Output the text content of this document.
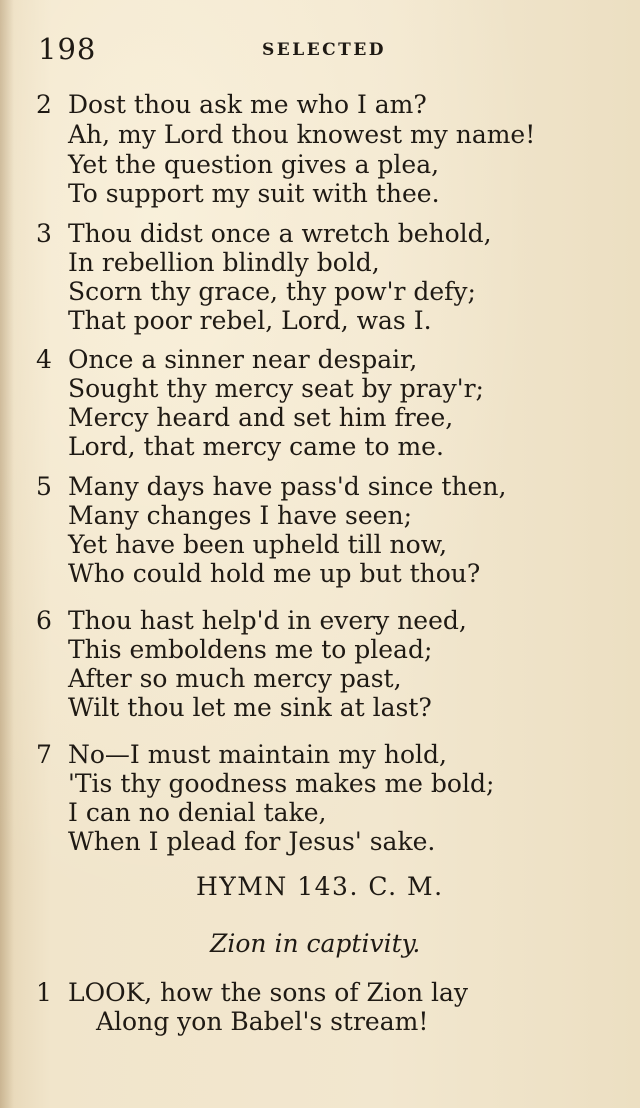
198	SELECTED
2 Dost thou ask me who I am?
Ah, my Lord thou knowest my name!
Yet the question gives a plea,
To support my suit with thee.
3 Thou didst once a wretch behold,
In rebellion blindly bold,
Scorn thy grace, thy pow'r defy;
That poor rebel, Lord, was I.
4 Once a sinner near despair,
Sought thy mercy seat by pray'r;
Mercy heard and set him free,
Lord, that mercy came to me.
5 Many days have pass'd since then,
Many changes I have seen;
Yet have been upheld till now,
Who could hold me up but thou?
6 Thou hast help'd in every need,
This emboldens me to plead;
After so much mercy past,
Wilt thou let me sink at last?
7 No—I must maintain my hold,
'Tis thy goodness makes me bold;
I can no denial take,
When I plead for Jesus' sake.
HYMN 143. C. M.
Zion in captivity.
1 LOOK, how the sons of Zion lay
Along yon Babel's stream!
